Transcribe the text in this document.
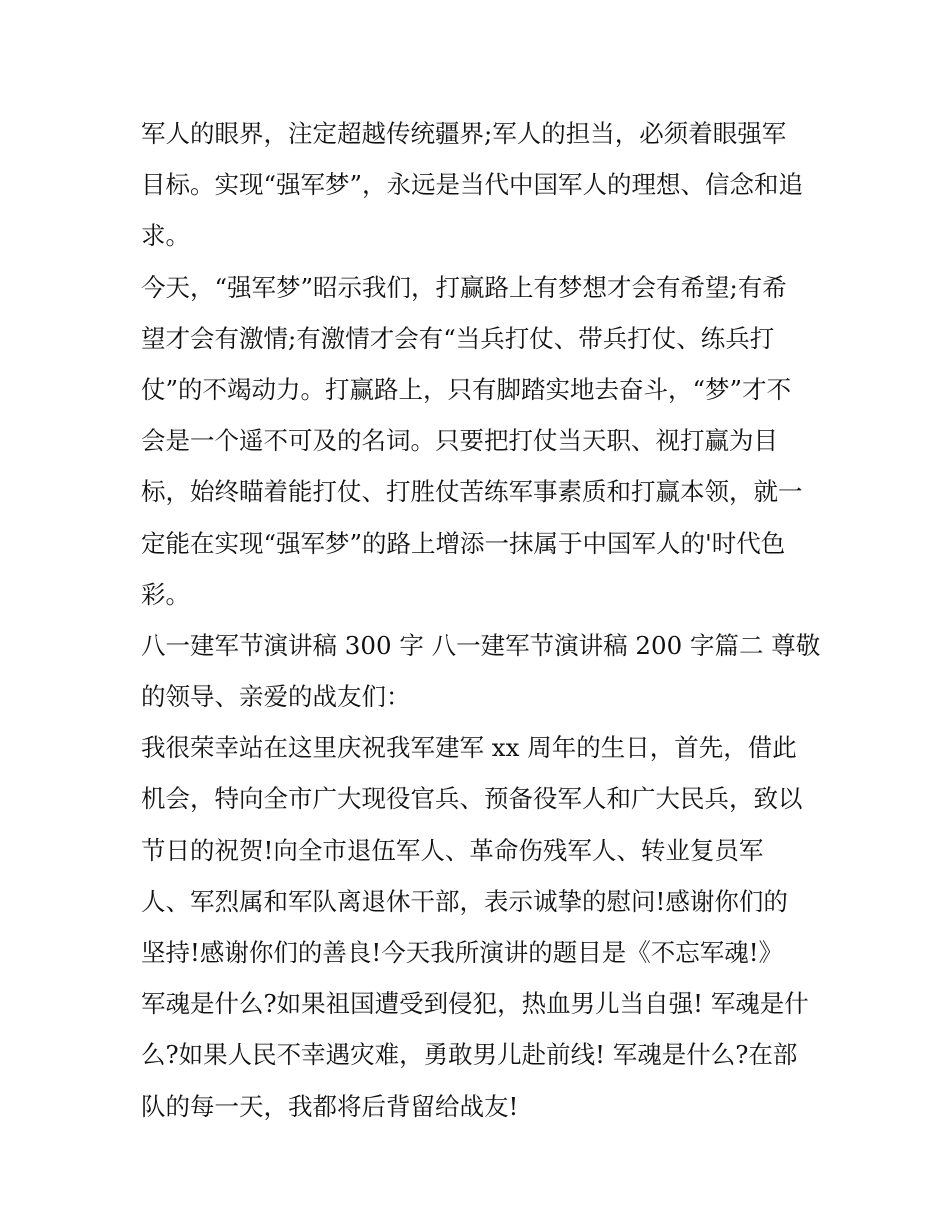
军人的眼界，注定超越传统疆界;军人的担当，必须着眼强军
目标。实现“强军梦”，永远是当代中国军人的理想、信念和追
求。
今天，“强军梦”昭示我们，打赢路上有梦想才会有希望;有希
望才会有激情;有激情才会有“当兵打仗、带兵打仗、练兵打
仗”的不竭动力。打赢路上，只有脚踏实地去奋斗，“梦”才不
会是一个遥不可及的名词。只要把打仗当天职、视打赢为目
标，始终瞄着能打仗、打胜仗苦练军事素质和打赢本领，就一
定能在实现“强军梦”的路上增添一抹属于中国军人的'时代色
彩。
八一建军节演讲稿 300 字 八一建军节演讲稿 200 字篇二 尊敬
的领导、亲爱的战友们：
我很荣幸站在这里庆祝我军建军 xx 周年的生日，首先，借此
机会，特向全市广大现役官兵、预备役军人和广大民兵，致以
节日的祝贺!向全市退伍军人、革命伤残军人、转业复员军
人、军烈属和军队离退休干部，表示诚挚的慰问!感谢你们的
坚持!感谢你们的善良!今天我所演讲的题目是《不忘军魂!》
军魂是什么?如果祖国遭受到侵犯，热血男儿当自强! 军魂是什
么?如果人民不幸遇灾难，勇敢男儿赴前线! 军魂是什么?在部
队的每一天，我都将后背留给战友!
